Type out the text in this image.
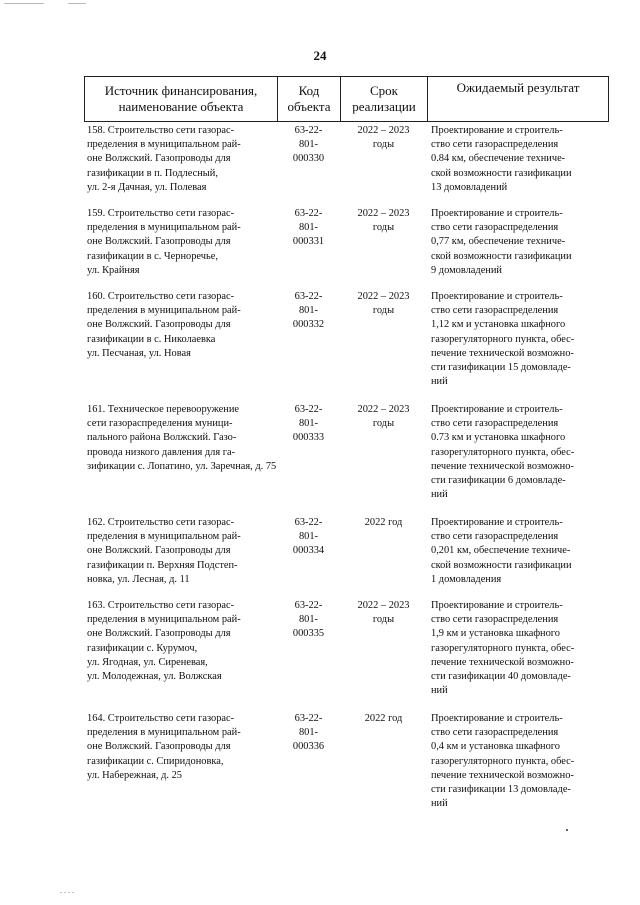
. . . .
24
Источник финансирования,
наименование объекта
Код
объекта
Срок
реализации
Ожидаемый результат
158. Строительство сети газорас-
пределения в муниципальном рай-
оне Волжский. Газопроводы для
газификации в п. Подлесный,
ул. 2-я Дачная, ул. Полевая
63-22-
801-
000330
2022 – 2023
годы
Проектирование и строитель-
ство сети газораспределения
0.84 км, обеспечение техниче-
ской возможности газификации
13 домовладений
159. Строительство сети газорас-
пределения в муниципальном рай-
оне Волжский. Газопроводы для
газификации в с. Черноречье,
ул. Крайняя
63-22-
801-
000331
2022 – 2023
годы
Проектирование и строитель-
ство сети газораспределения
0,77 км, обеспечение техниче-
ской возможности газификации
9 домовладений
160. Строительство сети газорас-
пределения в муниципальном рай-
оне Волжский. Газопроводы для
газификации в с. Николаевка
ул. Песчаная, ул. Новая
63-22-
801-
000332
2022 – 2023
годы
Проектирование и строитель-
ство сети газораспределения
1,12 км и установка шкафного
газорегуляторного пункта, обес-
печение технической возможно-
сти газификации 15 домовладе-
ний
161. Техническое перевооружение
сети газораспределения муници-
пального района Волжский. Газо-
провода низкого давления для га-
зификации с. Лопатино, ул. Заречная, д. 75
63-22-
801-
000333
2022 – 2023
годы
Проектирование и строитель-
ство сети газораспределения
0.73 км и установка шкафного
газорегуляторного пункта, обес-
печение технической возможно-
сти газификации 6 домовладе-
ний
162. Строительство сети газорас-
пределения в муниципальном рай-
оне Волжский. Газопроводы для
газификации п. Верхняя Подстеп-
новка, ул. Лесная, д. 11
63-22-
801-
000334
2022 год	Проектирование и строитель-
ство сети газораспределения
0,201 км, обеспечение техниче-
ской возможности газификации
1 домовладения
163. Строительство сети газорас-
пределения в муниципальном рай-
оне Волжский. Газопроводы для
газификации с. Курумоч,
ул. Ягодная, ул. Сиреневая,
ул. Молодежная, ул. Волжская
63-22-
801-
000335
2022 – 2023
годы
Проектирование и строитель-
ство сети газораспределения
1,9 км и установка шкафного
газорегуляторного пункта, обес-
печение технической возможно-
сти газификации 40 домовладе-
ний
164. Строительство сети газорас-
пределения в муниципальном рай-
оне Волжский. Газопроводы для
газификации с. Спиридоновка,
ул. Набережная, д. 25
63-22-
801-
000336
2022 год	Проектирование и строитель-
ство сети газораспределения
0,4 км и установка шкафного
газорегуляторного пункта, обес-
печение технической возможно-
сти газификации 13 домовладе-
ний
